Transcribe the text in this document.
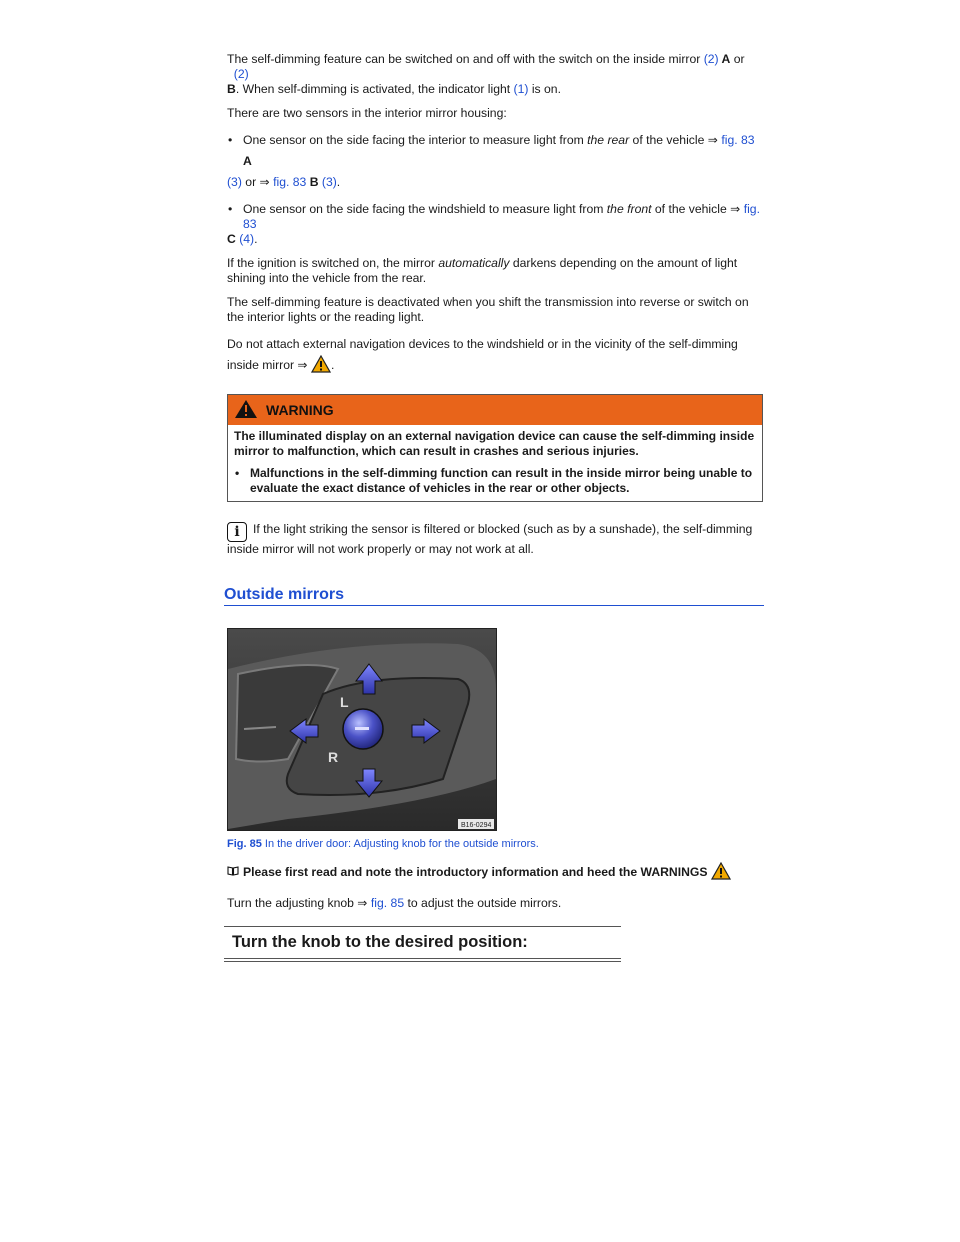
The self-dimming feature can be switched on and off with the switch on the inside mirror (2) A or   (2)
B. When self-dimming is activated, the indicator light (1) is on.

There are two sensors in the interior mirror housing:

• One sensor on the side facing the interior to measure light from the rear of the vehicle ⇒ fig. 83 A
(3) or ⇒ fig. 83 B (3).
• One sensor on the side facing the windshield to measure light from the front of the vehicle ⇒ fig. 83
C (4).

If the ignition is switched on, the mirror automatically darkens depending on the amount of light shining into the vehicle from the rear.

The self-dimming feature is deactivated when you shift the transmission into reverse or switch on the interior lights or the reading light.

Do not attach external navigation devices to the windshield or in the vicinity of the self-dimming inside mirror ⇒ .

WARNING

The illuminated display on an external navigation device can cause the self-dimming inside mirror to malfunction, which can result in crashes and serious injuries.

• Malfunctions in the self-dimming function can result in the inside mirror being unable to evaluate the exact distance of vehicles in the rear or other objects.

i If the light striking the sensor is filtered or blocked (such as by a sunshade), the self-dimming inside mirror will not work properly or may not work at all.

Outside mirrors
L
R
B16-0294
Fig. 85 In the driver door: Adjusting knob for the outside mirrors.

Please first read and note the introductory information and heed the WARNINGS

Turn the adjusting knob ⇒ fig. 85 to adjust the outside mirrors.

Turn the knob to the desired position:
